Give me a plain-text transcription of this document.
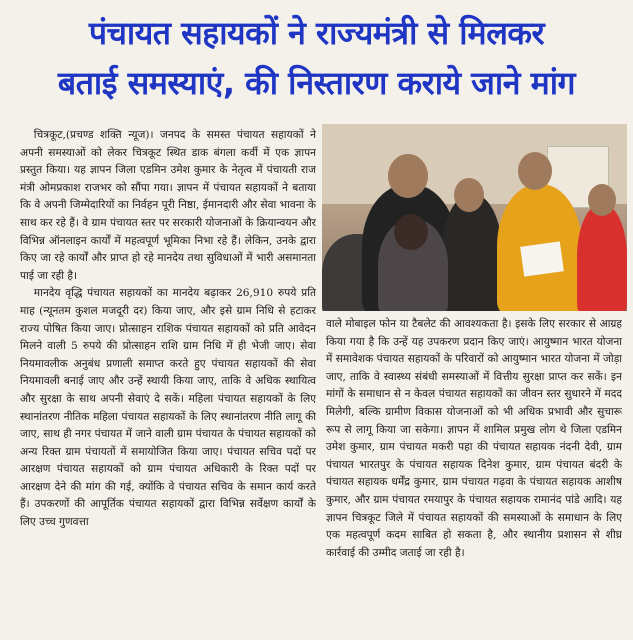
पंचायत सहायकों ने राज्यमंत्री से मिलकर
बताई समस्याएं, की निस्तारण कराये जाने मांग

चित्रकूट,(प्रचण्ड शक्ति न्यूज)। जनपद के समस्त पंचायत सहायकों ने अपनी समस्याओं को लेकर चित्रकूट स्थित डाक बंगला कर्वी में एक ज्ञापन प्रस्तुत किया। यह ज्ञापन जिला एडमिन उमेश कुमार के नेतृत्व में पंचायती राज मंत्री ओमप्रकाश राजभर को सौंपा गया। ज्ञापन में पंचायत सहायकों ने बताया कि वे अपनी जिम्मेदारियों का निर्वहन पूरी निष्ठा, ईमानदारी और सेवा भावना के साथ कर रहे हैं। वे ग्राम पंचायत स्तर पर सरकारी योजनाओं के क्रियान्वयन और विभिन्न ऑनलाइन कार्यों में महत्वपूर्ण भूमिका निभा रहे हैं। लेकिन, उनके द्वारा किए जा रहे कार्यों और प्राप्त हो रहे मानदेय तथा सुविधाओं में भारी असमानता पाई जा रही है।

मानदेय वृद्धि पंचायत सहायकों का मानदेय बढ़ाकर 26,910 रुपये प्रति माह (न्यूनतम कुशल मजदूरी दर) किया जाए, और इसे ग्राम निधि से हटाकर राज्य पोषित किया जाए। प्रोत्साहन राशिक पंचायत सहायकों को प्रति आवेदन मिलने वाली 5 रुपये की प्रोत्साहन राशि ग्राम निधि में ही भेजी जाए। सेवा नियमावलीक अनुबंध प्रणाली समाप्त करते हुए पंचायत सहायकों की सेवा नियमावली बनाई जाए और उन्हें स्थायी किया जाए, ताकि वे अधिक स्थायित्व और सुरक्षा के साथ अपनी सेवाएं दे सकें। महिला पंचायत सहायकों के लिए स्थानांतरण नीतिक महिला पंचायत सहायकों के लिए स्थानांतरण नीति लागू की जाए, साथ ही नगर पंचायत में जाने वाली ग्राम पंचायत के पंचायत सहायकों को अन्य रिक्त ग्राम पंचायतों में समायोजित किया जाए। पंचायत सचिव पदों पर आरक्षण पंचायत सहायकों को ग्राम पंचायत अधिकारी के रिक्त पदों पर आरक्षण देने की मांग की गई, क्योंकि वे पंचायत सचिव के समान कार्य करते हैं। उपकरणों की आपूर्तिक पंचायत सहायकों द्वारा विभिन्न सर्वेक्षण कार्यों के लिए उच्च गुणवत्ता

वाले मोबाइल फोन या टैबलेट की आवश्यकता है। इसके लिए सरकार से आग्रह किया गया है कि उन्हें यह उपकरण प्रदान किए जाएं। आयुष्मान भारत योजना में समावेशक पंचायत सहायकों के परिवारों को आयुष्मान भारत योजना में जोड़ा जाए, ताकि वे स्वास्थ्य संबंधी समस्याओं में वित्तीय सुरक्षा प्राप्त कर सकें। इन मांगों के समाधान से न केवल पंचायत सहायकों का जीवन स्तर सुधारने में मदद मिलेगी, बल्कि ग्रामीण विकास योजनाओं को भी अधिक प्रभावी और सुचारू रूप से लागू किया जा सकेगा। ज्ञापन में शामिल प्रमुख लोग थे जिला एडमिन उमेश कुमार, ग्राम पंचायत मकरी पहा की पंचायत सहायक नंदनी देवी, ग्राम पंचायत भारतपुर के पंचायत सहायक दिनेश कुमार, ग्राम पंचायत बंदरी के पंचायत सहायक धर्मेंद्र कुमार, ग्राम पंचायत गढ़वा के पंचायत सहायक आशीष कुमार, और ग्राम पंचायत रमयापुर के पंचायत सहायक रामानंद पांडे आदि। यह ज्ञापन चित्रकूट जिले में पंचायत सहायकों की समस्याओं के समाधान के लिए एक महत्वपूर्ण कदम साबित हो सकता है, और स्थानीय प्रशासन से शीघ्र कार्रवाई की उम्मीद जताई जा रही है।
